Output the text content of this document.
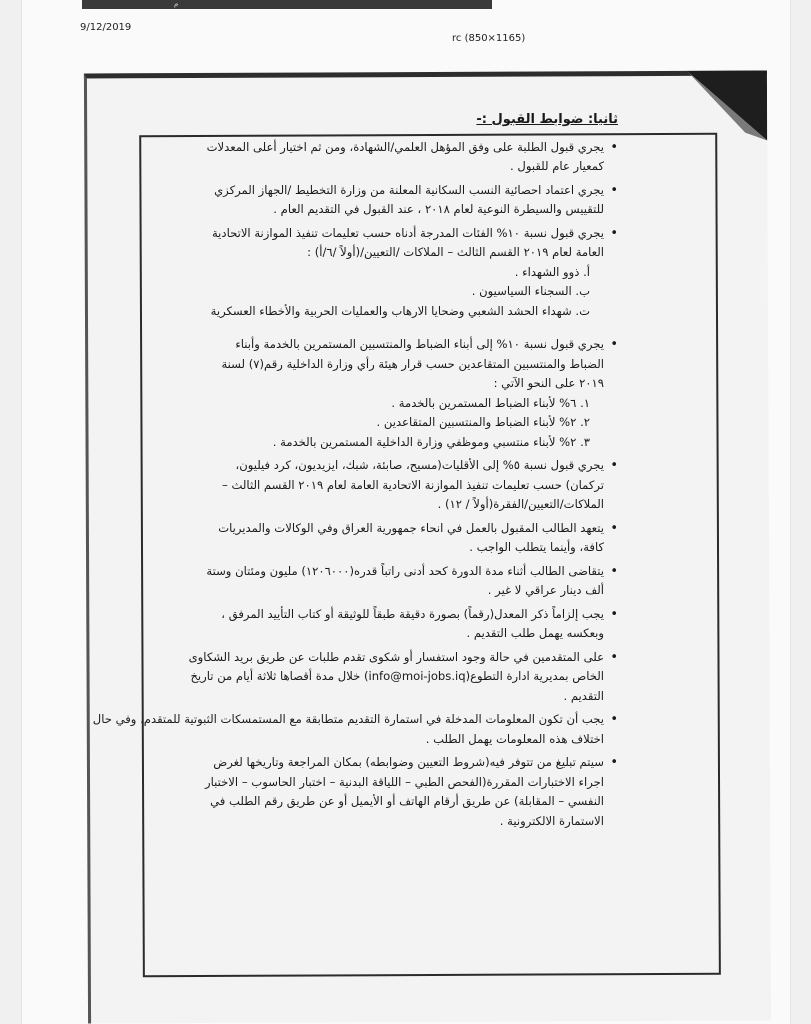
م
9/12/2019
rc (850×1165)
ثانيا: ضوابط القبول :-
• يجري قبول الطلبة على وفق المؤهل العلمي/الشهادة، ومن ثم اختيار أعلى المعدلات
كمعيار عام للقبول .
• يجري اعتماد احصائية النسب السكانية المعلنة من وزارة التخطيط /الجهاز المركزي
للتقييس والسيطرة النوعية لعام ٢٠١٨ ، عند القبول في التقديم العام .
• يجري قبول نسبة ١٠% الفئات المدرجة أدناه حسب تعليمات تنفيذ الموازنة الاتحادية
العامة لعام ٢٠١٩ القسم الثالث – الملاكات /التعيين/(أولاً /٦/أ) :
أ. ذوو الشهداء .
ب. السجناء السياسيون .
ت. شهداء الحشد الشعبي وضحايا الارهاب والعمليات الحربية والأخطاء العسكرية
• يجري قبول نسبة ١٠% إلى أبناء الضباط والمنتسبين المستمرين بالخدمة وأبناء
الضباط والمنتسبين المتقاعدين حسب قرار هيئة رأي وزارة الداخلية رقم(٧) لسنة
٢٠١٩ على النحو الآتي :
١. ٦% لأبناء الضباط المستمرين بالخدمة .
٢. ٢% لأبناء الضباط والمنتسبين المتقاعدين .
٣. ٢% لأبناء منتسبي وموظفي وزارة الداخلية المستمرين بالخدمة .
• يجري قبول نسبة ٥% إلى الأقليات(مسيح، صابئة، شبك، ايزيديون، كرد فيليون،
تركمان) حسب تعليمات تنفيذ الموازنة الاتحادية العامة لعام ٢٠١٩ القسم الثالث –
الملاكات/التعيين/الفقرة(أولاً / ١٢) .
• يتعهد الطالب المقبول بالعمل في انحاء جمهورية العراق وفي الوكالات والمديريات
كافة، وأينما يتطلب الواجب .
• يتقاضى الطالب أثناء مدة الدورة كحد أدنى راتباً قدره(١٢٠٦٠٠٠) مليون ومئتان وستة
ألف دينار عراقي لا غير .
• يجب إلزاماً ذكر المعدل(رقماً) بصورة دقيقة طبقاً للوثيقة أو كتاب التأييد المرفق ،
وبعكسه يهمل طلب التقديم .
• على المتقدمين في حالة وجود استفسار أو شكوى تقدم طلبات عن طريق بريد الشكاوى
الخاص بمديرية ادارة التطوع(info@moi-jobs.iq) خلال مدة أقصاها ثلاثة أيام من تاريخ
التقديم .
• يجب أن تكون المعلومات المدخلة في استمارة التقديم متطابقة مع المستمسكات الثبوتية للمتقدم، وفي حال
اختلاف هذه المعلومات يهمل الطلب .
• سيتم تبليغ من تتوفر فيه(شروط التعيين وضوابطه) بمكان المراجعة وتاريخها لغرض
اجراء الاختبارات المقررة(الفحص الطبي – اللياقة البدنية – اختبار الحاسوب – الاختبار
النفسي – المقابلة) عن طريق أرقام الهاتف أو الأيميل أو عن طريق رقم الطلب في
الاستمارة الالكترونية .
